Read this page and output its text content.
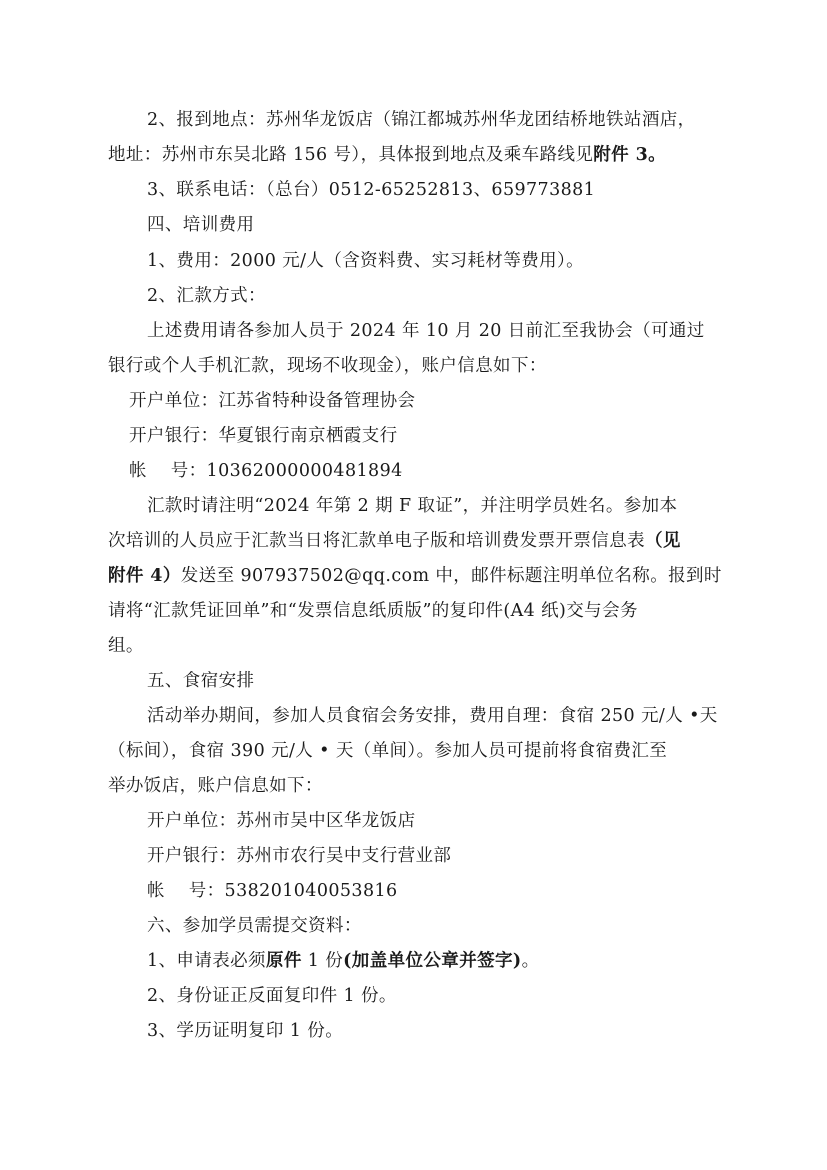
2、报到地点：苏州华龙饭店（锦江都城苏州华龙团结桥地铁站酒店，
地址：苏州市东吴北路 156 号），具体报到地点及乘车路线见附件 3。
3、联系电话：（总台）0512-65252813、659773881
四、培训费用
1、费用：2000 元/人（含资料费、实习耗材等费用）。
2、汇款方式：
上述费用请各参加人员于 2024 年 10 月 20 日前汇至我协会（可通过
银行或个人手机汇款，现场不收现金），账户信息如下：
开户单位：江苏省特种设备管理协会
开户银行：华夏银行南京栖霞支行
帐　 号：10362000000481894
汇款时请注明“2024 年第 2 期 F 取证”，并注明学员姓名。参加本
次培训的人员应于汇款当日将汇款单电子版和培训费发票开票信息表（见
附件 4）发送至 907937502@qq.com 中，邮件标题注明单位名称。报到时
请将“汇款凭证回单”和“发票信息纸质版”的复印件(A4 纸)交与会务
组。
五、食宿安排
活动举办期间，参加人员食宿会务安排，费用自理：食宿 250 元/人 •天
（标间），食宿 390 元/人 • 天（单间）。参加人员可提前将食宿费汇至
举办饭店，账户信息如下：
开户单位：苏州市吴中区华龙饭店
开户银行：苏州市农行吴中支行营业部
帐　 号：538201040053816
六、参加学员需提交资料：
1、申请表必须原件 1 份(加盖单位公章并签字)。
2、身份证正反面复印件 1 份。
3、学历证明复印 1 份。
